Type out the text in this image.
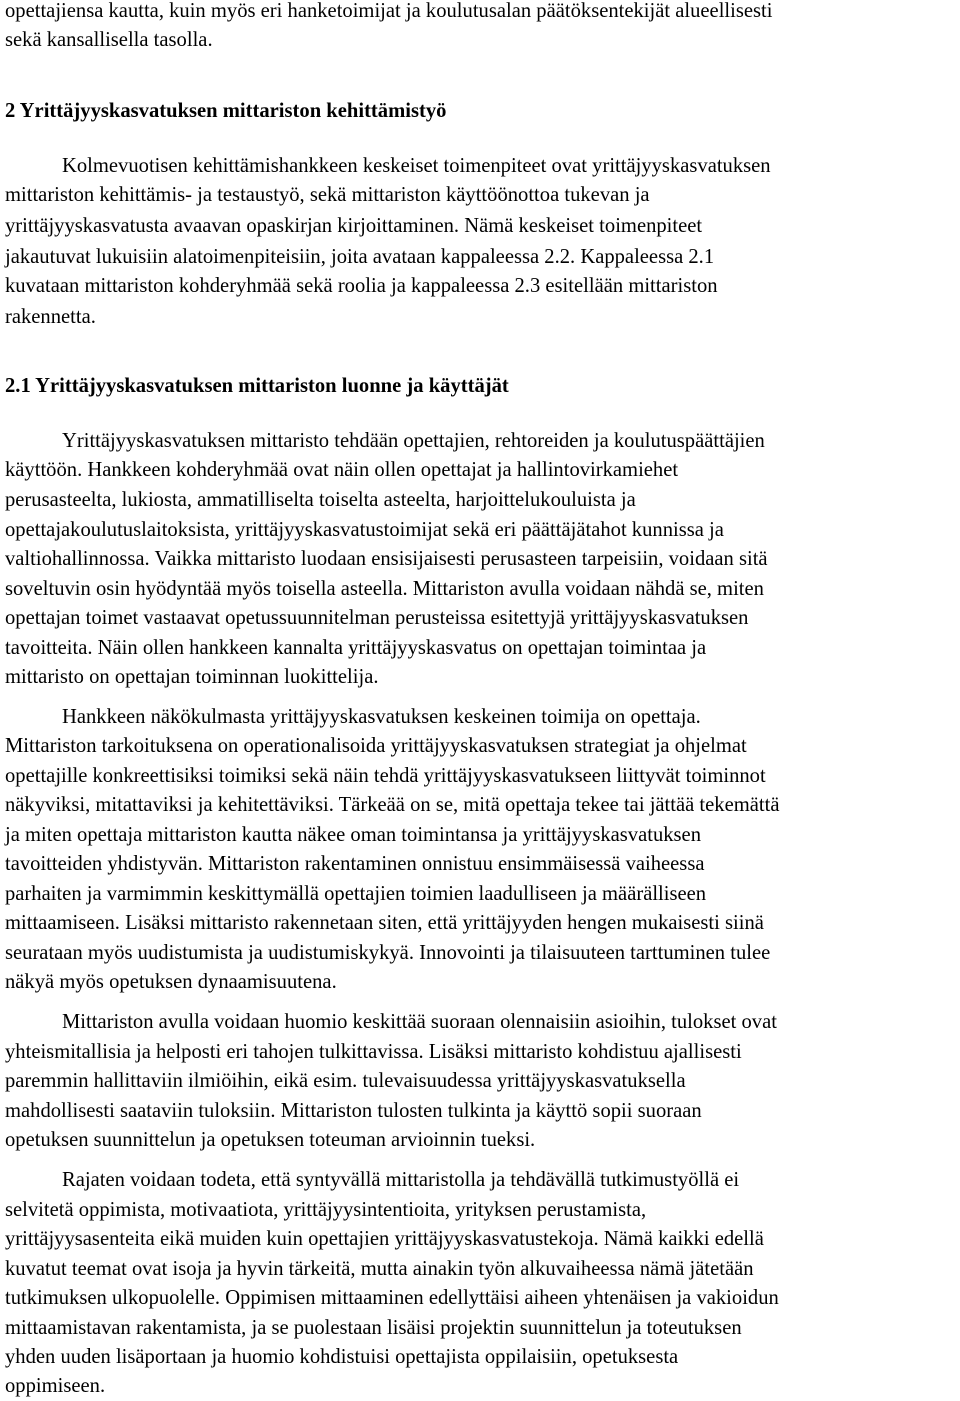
opettajiensa kautta, kuin myös eri hanketoimijat ja koulutusalan päätöksentekijät alueellisesti
sekä kansallisella tasolla.
2 Yrittäjyyskasvatuksen mittariston kehittämistyö
Kolmevuotisen kehittämishankkeen keskeiset toimenpiteet ovat yrittäjyyskasvatuksen
mittariston kehittämis- ja testaustyö, sekä mittariston käyttöönottoa tukevan ja
yrittäjyyskasvatusta avaavan opaskirjan kirjoittaminen. Nämä keskeiset toimenpiteet
jakautuvat lukuisiin alatoimenpiteisiin, joita avataan kappaleessa 2.2. Kappaleessa 2.1
kuvataan mittariston kohderyhmää sekä roolia ja kappaleessa 2.3 esitellään mittariston
rakennetta.
2.1 Yrittäjyyskasvatuksen mittariston luonne ja käyttäjät
Yrittäjyyskasvatuksen mittaristo tehdään opettajien, rehtoreiden ja koulutuspäättäjien
käyttöön. Hankkeen kohderyhmää ovat näin ollen opettajat ja hallintovirkamiehet
perusasteelta, lukiosta, ammatilliselta toiselta asteelta, harjoittelukouluista ja
opettajakoulutuslaitoksista, yrittäjyyskasvatustoimijat sekä eri päättäjätahot kunnissa ja
valtiohallinnossa. Vaikka mittaristo luodaan ensisijaisesti perusasteen tarpeisiin, voidaan sitä
soveltuvin osin hyödyntää myös toisella asteella. Mittariston avulla voidaan nähdä se, miten
opettajan toimet vastaavat opetussuunnitelman perusteissa esitettyjä yrittäjyyskasvatuksen
tavoitteita. Näin ollen hankkeen kannalta yrittäjyyskasvatus on opettajan toimintaa ja
mittaristo on opettajan toiminnan luokittelija.
Hankkeen näkökulmasta yrittäjyyskasvatuksen keskeinen toimija on opettaja.
Mittariston tarkoituksena on operationalisoida yrittäjyyskasvatuksen strategiat ja ohjelmat
opettajille konkreettisiksi toimiksi sekä näin tehdä yrittäjyyskasvatukseen liittyvät toiminnot
näkyviksi, mitattaviksi ja kehitettäviksi. Tärkeää on se, mitä opettaja tekee tai jättää tekemättä
ja miten opettaja mittariston kautta näkee oman toimintansa ja yrittäjyyskasvatuksen
tavoitteiden yhdistyvän. Mittariston rakentaminen onnistuu ensimmäisessä vaiheessa
parhaiten ja varmimmin keskittymällä opettajien toimien laadulliseen ja määrälliseen
mittaamiseen. Lisäksi mittaristo rakennetaan siten, että yrittäjyyden hengen mukaisesti siinä
seurataan myös uudistumista ja uudistumiskykyä. Innovointi ja tilaisuuteen tarttuminen tulee
näkyä myös opetuksen dynaamisuutena.
Mittariston avulla voidaan huomio keskittää suoraan olennaisiin asioihin, tulokset ovat
yhteismitallisia ja helposti eri tahojen tulkittavissa. Lisäksi mittaristo kohdistuu ajallisesti
paremmin hallittaviin ilmiöihin, eikä esim. tulevaisuudessa yrittäjyyskasvatuksella
mahdollisesti saataviin tuloksiin. Mittariston tulosten tulkinta ja käyttö sopii suoraan
opetuksen suunnittelun ja opetuksen toteuman arvioinnin tueksi.
Rajaten voidaan todeta, että syntyvällä mittaristolla ja tehdävällä tutkimustyöllä ei
selvitetä oppimista, motivaatiota, yrittäjyysintentioita, yrityksen perustamista,
yrittäjyysasenteita eikä muiden kuin opettajien yrittäjyyskasvatustekoja. Nämä kaikki edellä
kuvatut teemat ovat isoja ja hyvin tärkeitä, mutta ainakin työn alkuvaiheessa nämä jätetään
tutkimuksen ulkopuolelle. Oppimisen mittaaminen edellyttäisi aiheen yhtenäisen ja vakioidun
mittaamistavan rakentamista, ja se puolestaan lisäisi projektin suunnittelun ja toteutuksen
yhden uuden lisäportaan ja huomio kohdistuisi opettajista oppilaisiin, opetuksesta
oppimiseen.
